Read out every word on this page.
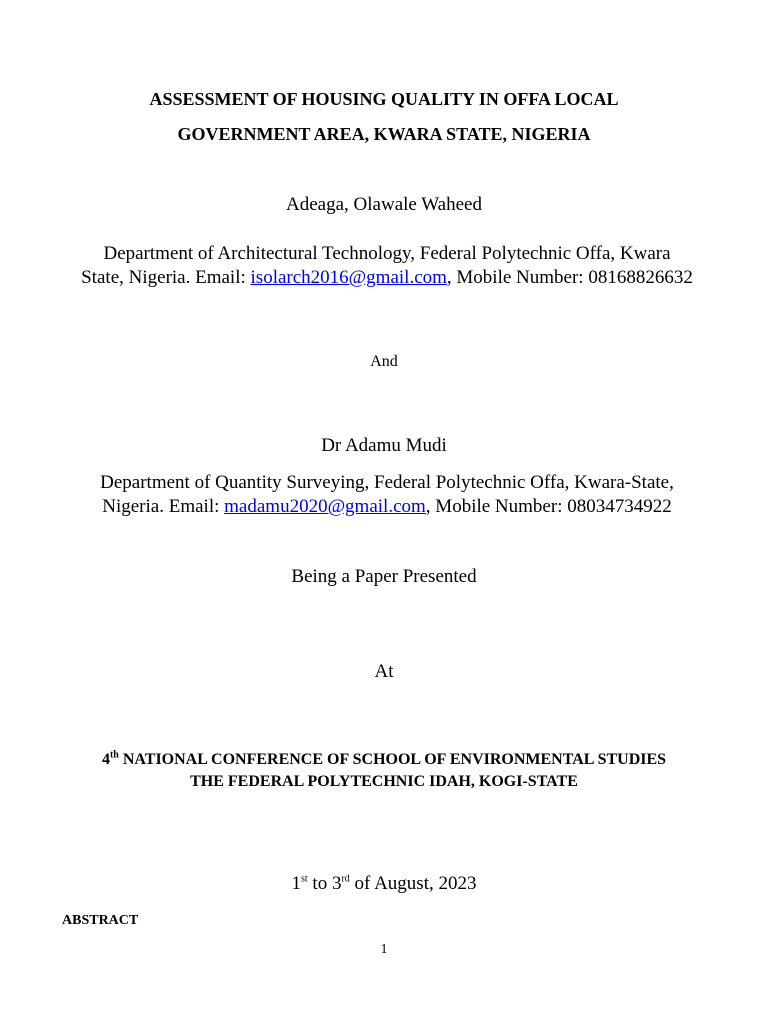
ASSESSMENT OF HOUSING QUALITY IN OFFA LOCAL
GOVERNMENT AREA, KWARA STATE, NIGERIA
Adeaga, Olawale Waheed
Department of Architectural Technology, Federal Polytechnic Offa, Kwara
State, Nigeria. Email: isolarch2016@gmail.com, Mobile Number: 08168826632
And
Dr Adamu Mudi
Department of Quantity Surveying, Federal Polytechnic Offa, Kwara-State,
Nigeria. Email: madamu2020@gmail.com, Mobile Number: 08034734922
Being a Paper Presented
At
4th NATIONAL CONFERENCE OF SCHOOL OF ENVIRONMENTAL STUDIES
THE FEDERAL POLYTECHNIC IDAH, KOGI-STATE
1st to 3rd of August, 2023
ABSTRACT
1
